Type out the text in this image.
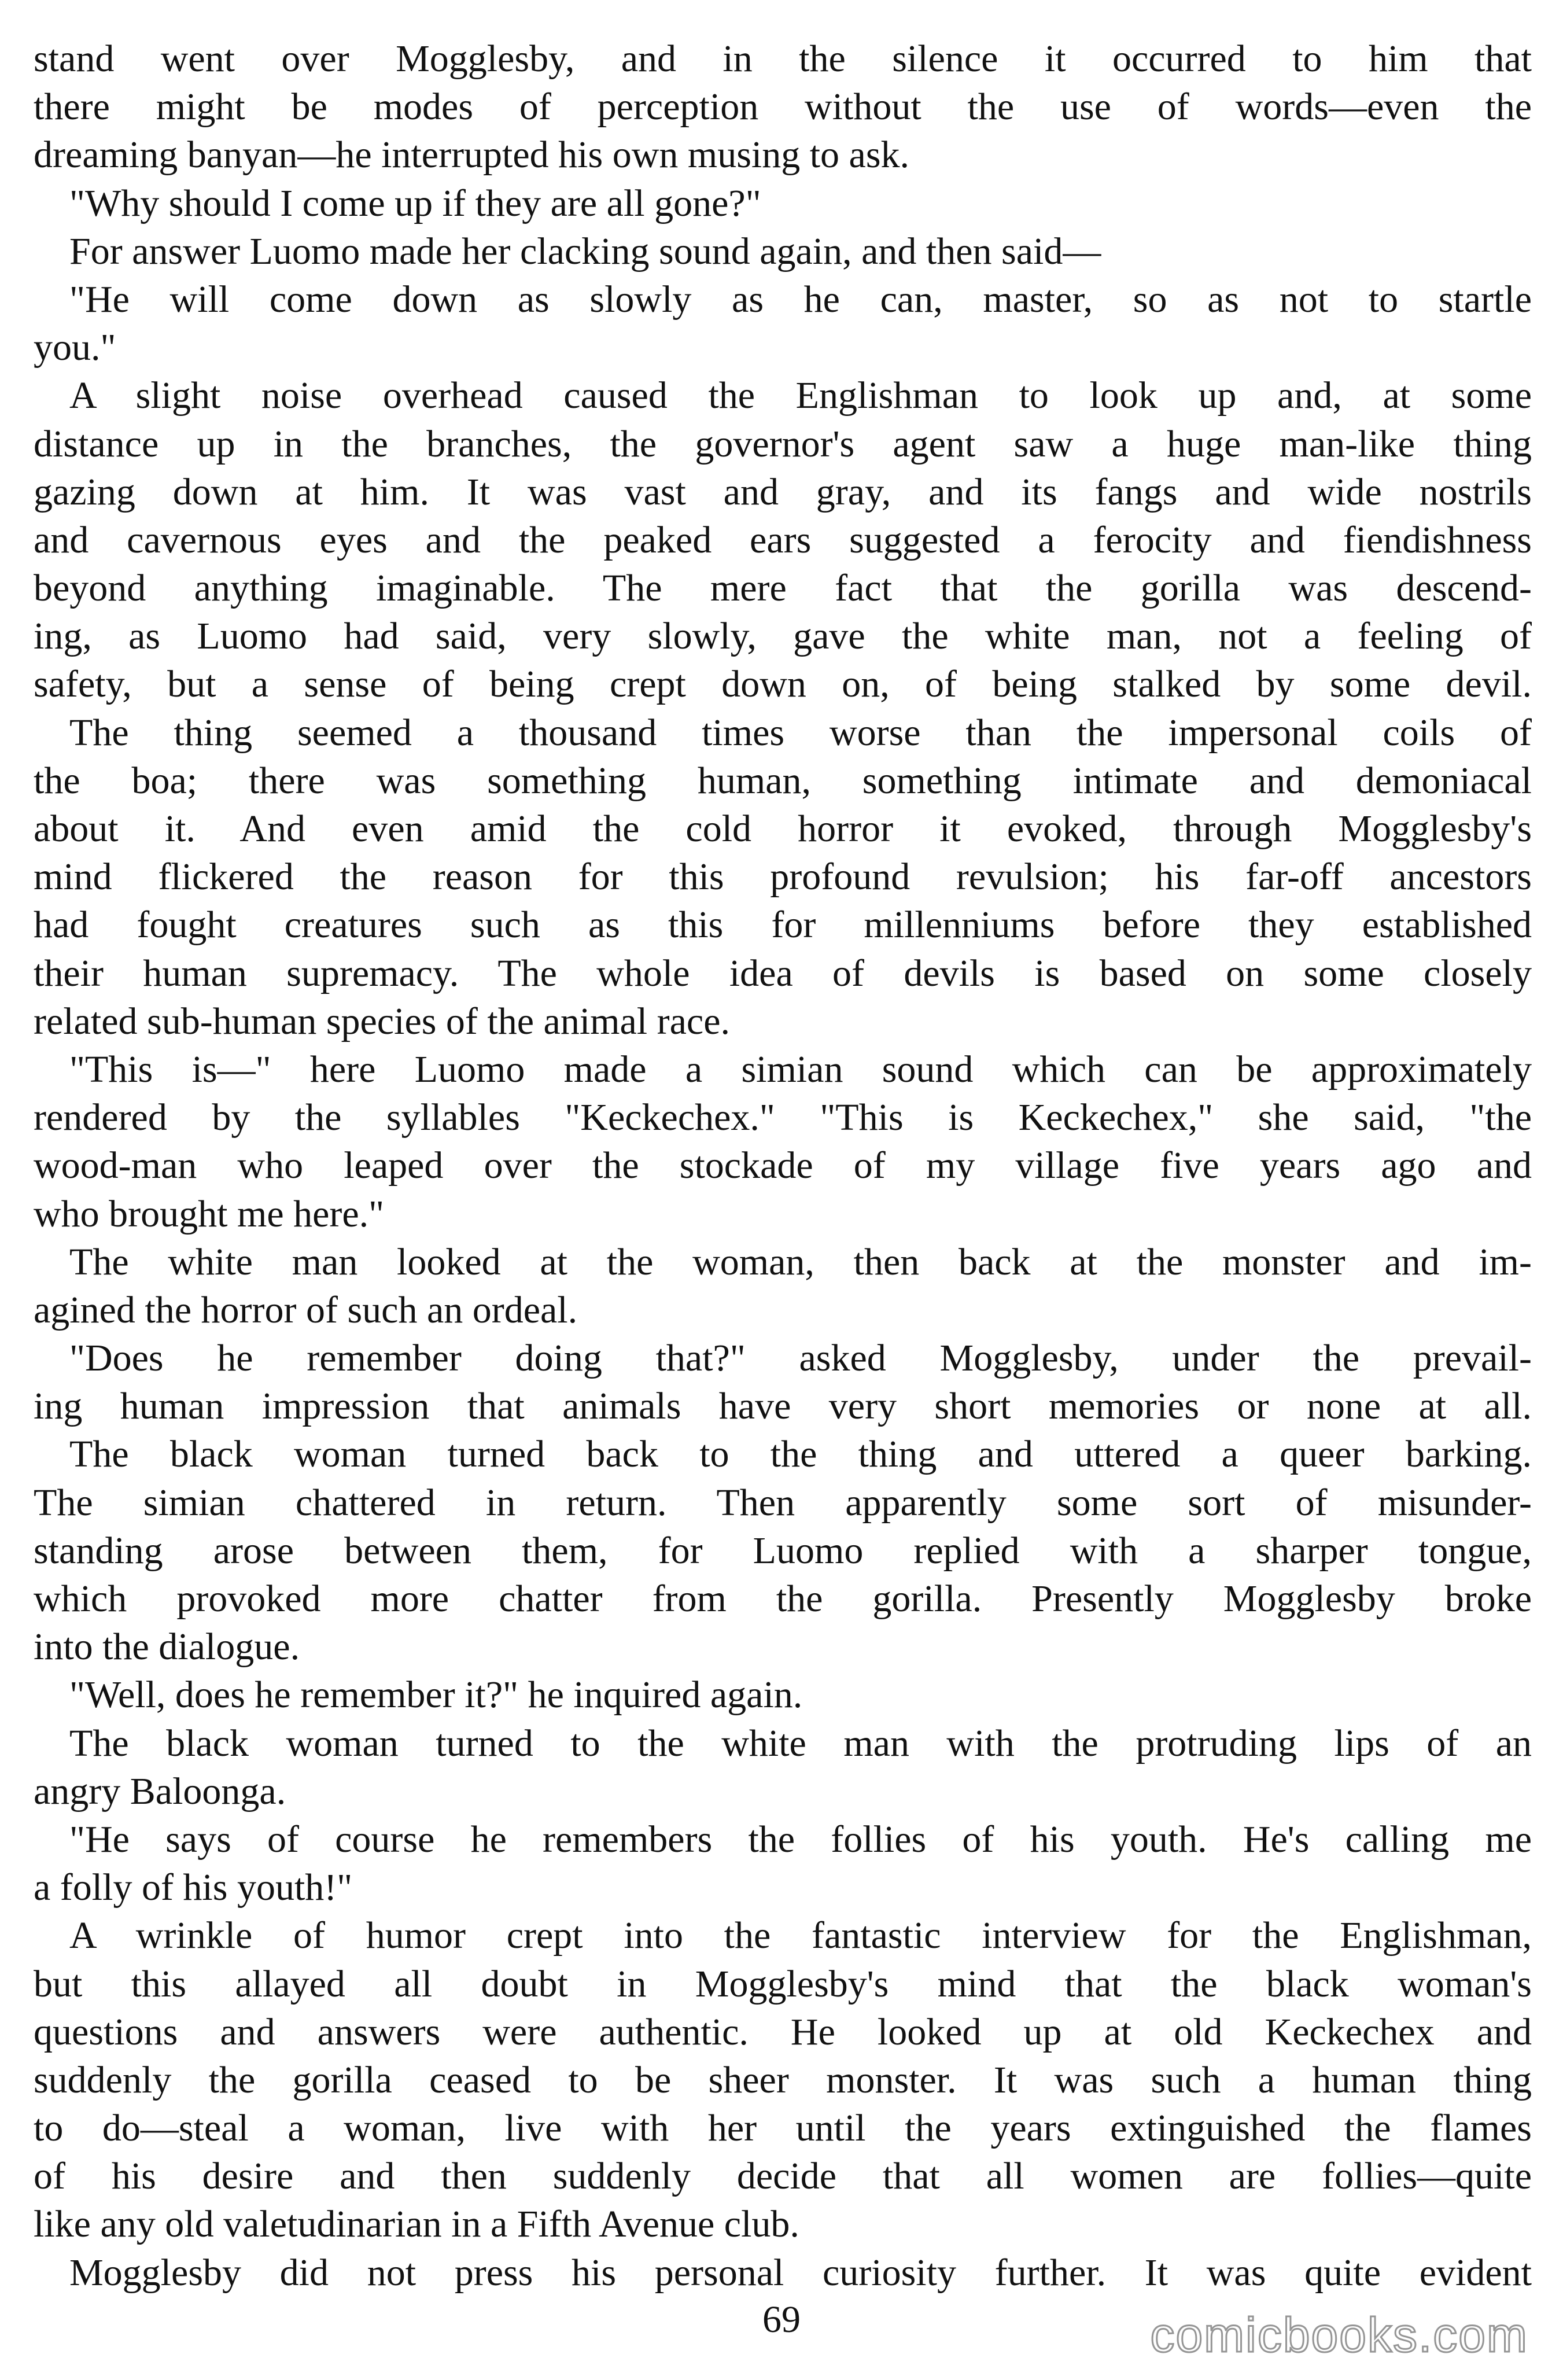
stand went over Mogglesby, and in the silence it occurred to him that
there might be modes of perception without the use of words—even the
dreaming banyan—he interrupted his own musing to ask.
"Why should I come up if they are all gone?"
For answer Luomo made her clacking sound again, and then said—
"He will come down as slowly as he can, master, so as not to startle
you."
A slight noise overhead caused the Englishman to look up and, at some
distance up in the branches, the governor's agent saw a huge man-like thing
gazing down at him. It was vast and gray, and its fangs and wide nostrils
and cavernous eyes and the peaked ears suggested a ferocity and fiendishness
beyond anything imaginable. The mere fact that the gorilla was descend-
ing, as Luomo had said, very slowly, gave the white man, not a feeling of
safety, but a sense of being crept down on, of being stalked by some devil.
The thing seemed a thousand times worse than the impersonal coils of
the boa; there was something human, something intimate and demoniacal
about it. And even amid the cold horror it evoked, through Mogglesby's
mind flickered the reason for this profound revulsion; his far-off ancestors
had fought creatures such as this for millenniums before they established
their human supremacy. The whole idea of devils is based on some closely
related sub-human species of the animal race.
"This is—" here Luomo made a simian sound which can be approximately
rendered by the syllables "Keckechex." "This is Keckechex," she said, "the
wood-man who leaped over the stockade of my village five years ago and
who brought me here."
The white man looked at the woman, then back at the monster and im-
agined the horror of such an ordeal.
"Does he remember doing that?" asked Mogglesby, under the prevail-
ing human impression that animals have very short memories or none at all.
The black woman turned back to the thing and uttered a queer barking.
The simian chattered in return. Then apparently some sort of misunder-
standing arose between them, for Luomo replied with a sharper tongue,
which provoked more chatter from the gorilla. Presently Mogglesby broke
into the dialogue.
"Well, does he remember it?" he inquired again.
The black woman turned to the white man with the protruding lips of an
angry Baloonga.
"He says of course he remembers the follies of his youth. He's calling me
a folly of his youth!"
A wrinkle of humor crept into the fantastic interview for the Englishman,
but this allayed all doubt in Mogglesby's mind that the black woman's
questions and answers were authentic. He looked up at old Keckechex and
suddenly the gorilla ceased to be sheer monster. It was such a human thing
to do—steal a woman, live with her until the years extinguished the flames
of his desire and then suddenly decide that all women are follies—quite
like any old valetudinarian in a Fifth Avenue club.
Mogglesby did not press his personal curiosity further. It was quite evident
69	comicbooks.com
